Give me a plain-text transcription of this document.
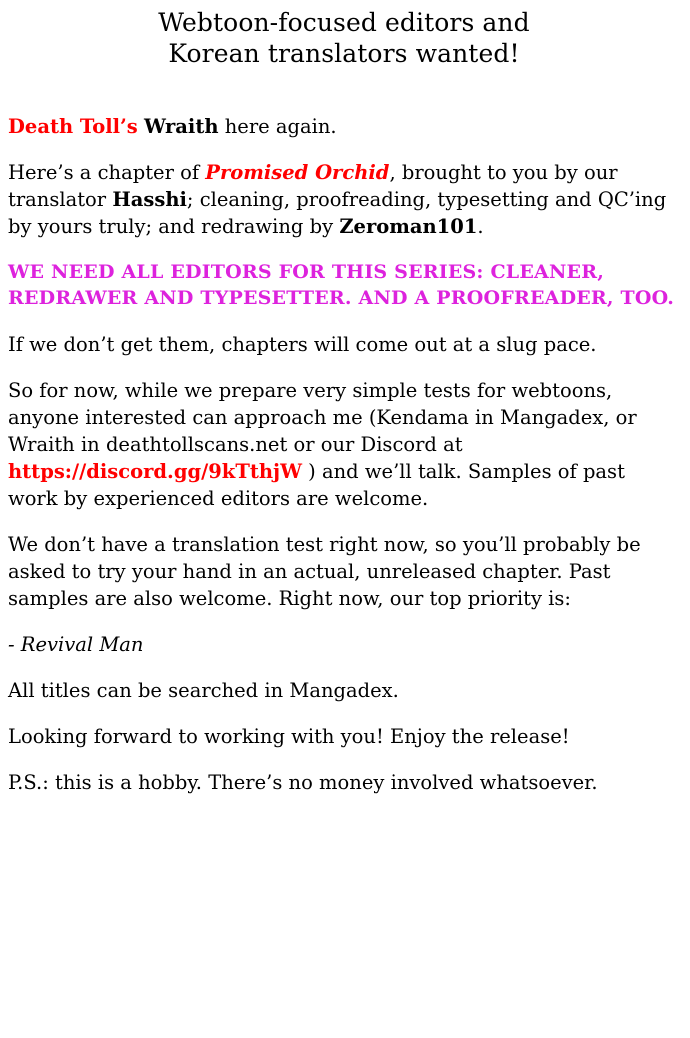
Webtoon-focused editors and
Korean translators wanted!

Death Toll’s Wraith here again.

Here’s a chapter of Promised Orchid, brought to you by our translator Hasshi; cleaning, proofreading, typesetting and QC’ing by yours truly; and redrawing by Zeroman101.

WE NEED ALL EDITORS FOR THIS SERIES: CLEANER, REDRAWER AND TYPESETTER. AND A PROOFREADER, TOO.

If we don’t get them, chapters will come out at a slug pace.

So for now, while we prepare very simple tests for webtoons, anyone interested can approach me (Kendama in Mangadex, or Wraith in deathtollscans.net or our Discord at https://discord.gg/9kTthjW ) and we’ll talk. Samples of past work by experienced editors are welcome.

We don’t have a translation test right now, so you’ll probably be asked to try your hand in an actual, unreleased chapter. Past samples are also welcome. Right now, our top priority is:

- Revival Man

All titles can be searched in Mangadex.

Looking forward to working with you! Enjoy the release!

P.S.: this is a hobby. There’s no money involved whatsoever.
